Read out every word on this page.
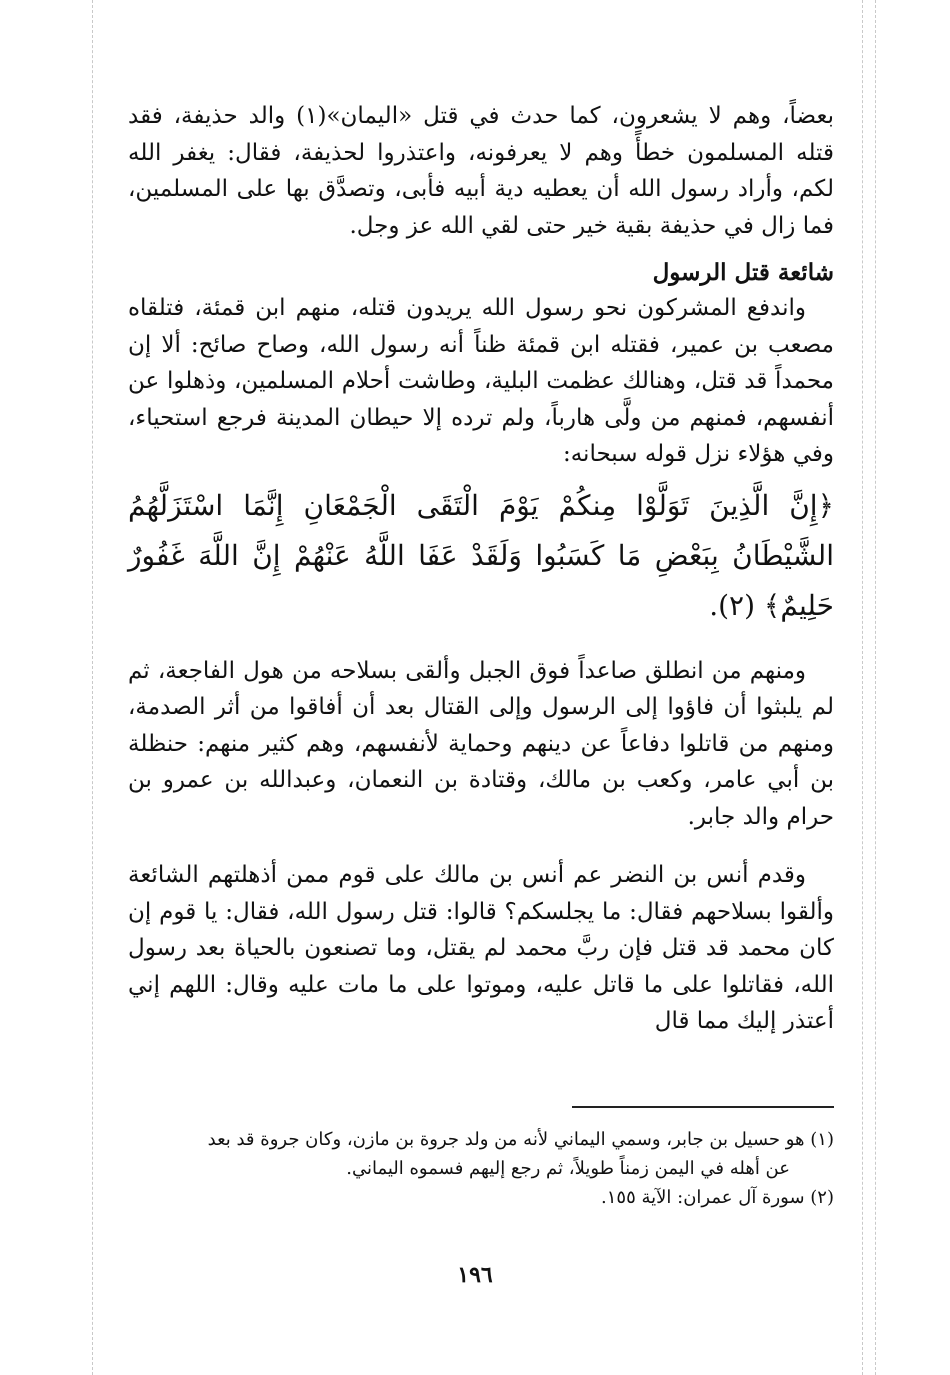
بعضاً، وهم لا يشعرون، كما حدث في قتل «اليمان»(١) والد حذيفة، فقد قتله المسلمون خطأً وهم لا يعرفونه، واعتذروا لحذيفة، فقال: يغفر الله لكم، وأراد رسول الله أن يعطيه دية أبيه فأبى، وتصدَّق بها على المسلمين، فما زال في حذيفة بقية خير حتى لقي الله عز وجل.

شائعة قتل الرسول

واندفع المشركون نحو رسول الله يريدون قتله، منهم ابن قمئة، فتلقاه مصعب بن عمير، فقتله ابن قمئة ظناً أنه رسول الله، وصاح صائح: ألا إن محمداً قد قتل، وهنالك عظمت البلية، وطاشت أحلام المسلمين، وذهلوا عن أنفسهم، فمنهم من ولَّى هارباً، ولم ترده إلا حيطان المدينة فرجع استحياء، وفي هؤلاء نزل قوله سبحانه:

﴿إِنَّ الَّذِينَ تَوَلَّوْا مِنكُمْ يَوْمَ الْتَقَى الْجَمْعَانِ إِنَّمَا اسْتَزَلَّهُمُ الشَّيْطَانُ بِبَعْضِ مَا كَسَبُوا وَلَقَدْ عَفَا اللَّهُ عَنْهُمْ إِنَّ اللَّهَ غَفُورٌ حَلِيمٌ﴾ (٢).

ومنهم من انطلق صاعداً فوق الجبل وألقى بسلاحه من هول الفاجعة، ثم لم يلبثوا أن فاؤوا إلى الرسول وإلى القتال بعد أن أفاقوا من أثر الصدمة، ومنهم من قاتلوا دفاعاً عن دينهم وحماية لأنفسهم، وهم كثير منهم: حنظلة بن أبي عامر، وكعب بن مالك، وقتادة بن النعمان، وعبدالله بن عمرو بن حرام والد جابر.

وقدم أنس بن النضر عم أنس بن مالك على قوم ممن أذهلتهم الشائعة وألقوا بسلاحهم فقال: ما يجلسكم؟ قالوا: قتل رسول الله، فقال: يا قوم إن كان محمد قد قتل فإن ربَّ محمد لم يقتل، وما تصنعون بالحياة بعد رسول الله، فقاتلوا على ما قاتل عليه، وموتوا على ما مات عليه وقال: اللهم إني أعتذر إليك مما قال

(١) هو حسيل بن جابر، وسمي اليماني لأنه من ولد جروة بن مازن، وكان جروة قد بعد

عن أهله في اليمن زمناً طويلاً، ثم رجع إليهم فسموه اليماني.

(٢) سورة آل عمران: الآية ١٥٥.

١٩٦
